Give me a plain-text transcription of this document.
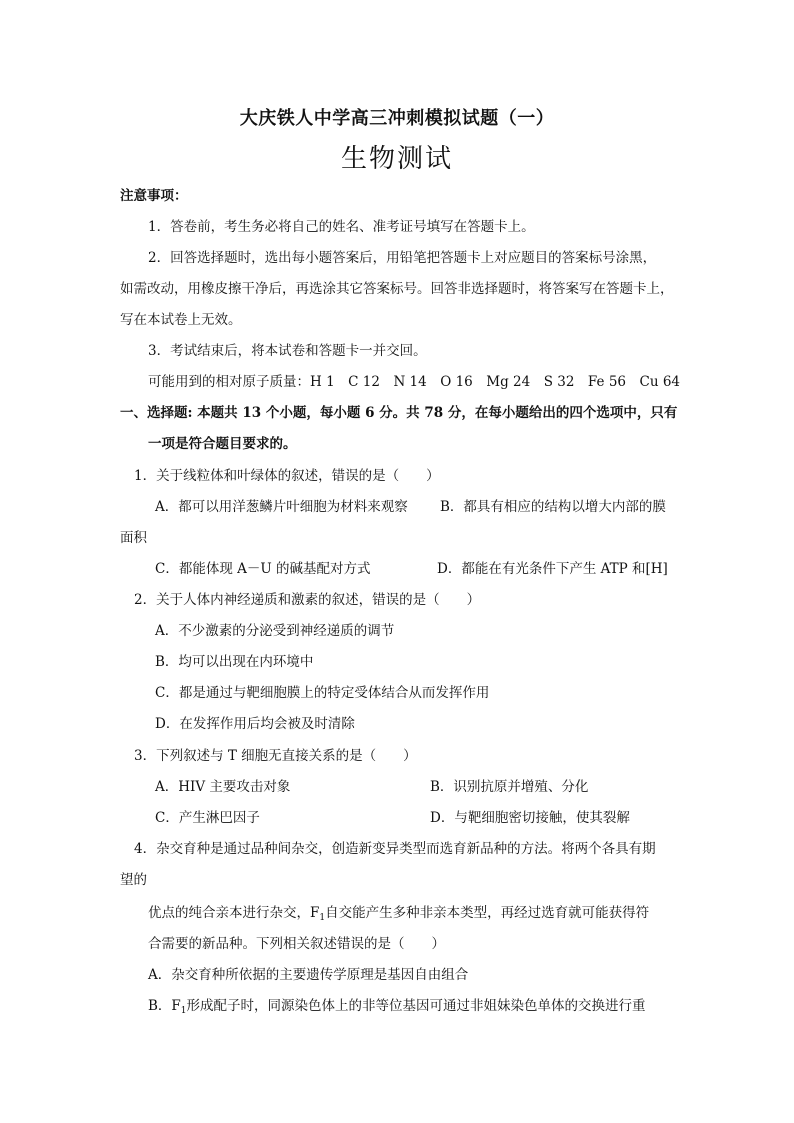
大庆铁人中学高三冲刺模拟试题（一）
生物测试
注意事项：
1．答卷前，考生务必将自己的姓名、准考证号填写在答题卡上。
2．回答选择题时，选出每小题答案后，用铅笔把答题卡上对应题目的答案标号涂黑，
如需改动，用橡皮擦干净后，再选涂其它答案标号。回答非选择题时，将答案写在答题卡上，
写在本试卷上无效。
3．考试结束后，将本试卷和答题卡一并交回。
可能用到的相对原子质量：H 1　C 12　N 14　O 16　Mg 24　S 32　Fe 56　Cu 64
一、选择题: 本题共 13 个小题，每小题 6 分。共 78 分，在每小题给出的四个选项中，只有
一项是符合题目要求的。
1．关于线粒体和叶绿体的叙述，错误的是（　　）
A．都可以用洋葱鳞片叶细胞为材料来观察 B．都具有相应的结构以增大内部的膜
面积
C．都能体现 A－U 的碱基配对方式	D．都能在有光条件下产生 ATP 和[H]
2．关于人体内神经递质和激素的叙述，错误的是（　　）
A．不少激素的分泌受到神经递质的调节
B．均可以出现在内环境中
C．都是通过与靶细胞膜上的特定受体结合从而发挥作用
D．在发挥作用后均会被及时清除
3．下列叙述与 T 细胞无直接关系的是（　　）
A．HIV 主要攻击对象	B．识别抗原并增殖、分化
C．产生淋巴因子	D．与靶细胞密切接触，使其裂解
4．杂交育种是通过品种间杂交，创造新变异类型而选育新品种的方法。将两个各具有期
望的
优点的纯合亲本进行杂交，$F_1$自交能产生多种非亲本类型，再经过选育就可能获得符
合需要的新品种。下列相关叙述错误的是（　　）
A．杂交育种所依据的主要遗传学原理是基因自由组合
B．$F_1$形成配子时，同源染色体上的非等位基因可通过非姐妹染色单体的交换进行重
